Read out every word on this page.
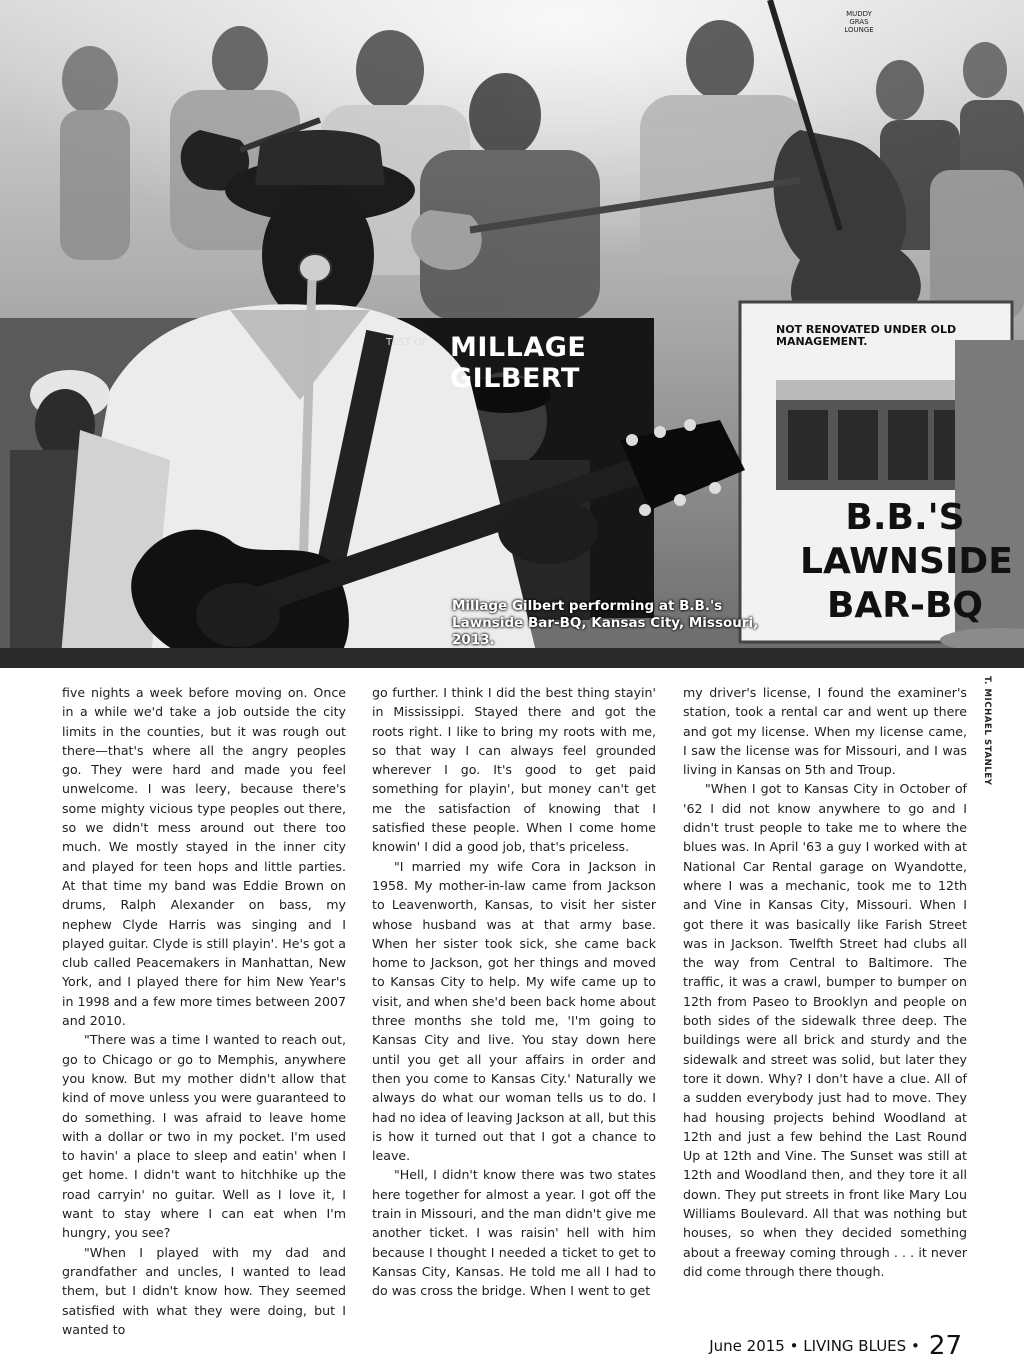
MUDDY GRAS LOUNGE
TEST OF MILLAGE GILBERT
NOT RENOVATED UNDER OLD MANAGEMENT.
B.B.'S LAWNSIDE BAR-BQ
Millage Gilbert performing at B.B.'s Lawnside Bar-BQ, Kansas City, Missouri, 2013.
T. MICHAEL STANLEY

five nights a week before moving on. Once in a while we'd take a job outside the city limits in the counties, but it was rough out there—that's where all the angry peoples go. They were hard and made you feel unwelcome. I was leery, because there's some mighty vicious type peoples out there, so we didn't mess around out there too much. We mostly stayed in the inner city and played for teen hops and little parties. At that time my band was Eddie Brown on drums, Ralph Alexander on bass, my nephew Clyde Harris was singing and I played guitar. Clyde is still playin'. He's got a club called Peacemakers in Manhattan, New York, and I played there for him New Year's in 1998 and a few more times between 2007 and 2010.

"There was a time I wanted to reach out, go to Chicago or go to Memphis, anywhere you know. But my mother didn't allow that kind of move unless you were guaranteed to do something. I was afraid to leave home with a dollar or two in my pocket. I'm used to havin' a place to sleep and eatin' when I get home. I didn't want to hitchhike up the road carryin' no guitar. Well as I love it, I want to stay where I can eat when I'm hungry, you see?

"When I played with my dad and grandfather and uncles, I wanted to lead them, but I didn't know how. They seemed satisfied with what they were doing, but I wanted to

go further. I think I did the best thing stayin' in Mississippi. Stayed there and got the roots right. I like to bring my roots with me, so that way I can always feel grounded wherever I go. It's good to get paid something for playin', but money can't get me the satisfaction of knowing that I satisfied these people. When I come home knowin' I did a good job, that's priceless.

"I married my wife Cora in Jackson in 1958. My mother-in-law came from Jackson to Leavenworth, Kansas, to visit her sister whose husband was at that army base. When her sister took sick, she came back home to Jackson, got her things and moved to Kansas City to help. My wife came up to visit, and when she'd been back home about three months she told me, 'I'm going to Kansas City and live. You stay down here until you get all your affairs in order and then you come to Kansas City.' Naturally we always do what our woman tells us to do. I had no idea of leaving Jackson at all, but this is how it turned out that I got a chance to leave.

"Hell, I didn't know there was two states here together for almost a year. I got off the train in Missouri, and the man didn't give me another ticket. I was raisin' hell with him because I thought I needed a ticket to get to Kansas City, Kansas. He told me all I had to do was cross the bridge. When I went to get

my driver's license, I found the examiner's station, took a rental car and went up there and got my license. When my license came, I saw the license was for Missouri, and I was living in Kansas on 5th and Troup.

"When I got to Kansas City in October of '62 I did not know anywhere to go and I didn't trust people to take me to where the blues was. In April '63 a guy I worked with at National Car Rental garage on Wyandotte, where I was a mechanic, took me to 12th and Vine in Kansas City, Missouri. When I got there it was basically like Farish Street was in Jackson. Twelfth Street had clubs all the way from Central to Baltimore. The traffic, it was a crawl, bumper to bumper on 12th from Paseo to Brooklyn and people on both sides of the sidewalk three deep. The buildings were all brick and sturdy and the sidewalk and street was solid, but later they tore it down. Why? I don't have a clue. All of a sudden everybody just had to move. They had housing projects behind Woodland at 12th and just a few behind the Last Round Up at 12th and Vine. The Sunset was still at 12th and Woodland then, and they tore it all down. They put streets in front like Mary Lou Williams Boulevard. All that was nothing but houses, so when they decided something about a freeway coming through . . . it never did come through there though.

June 2015 • LIVING BLUES • 27
